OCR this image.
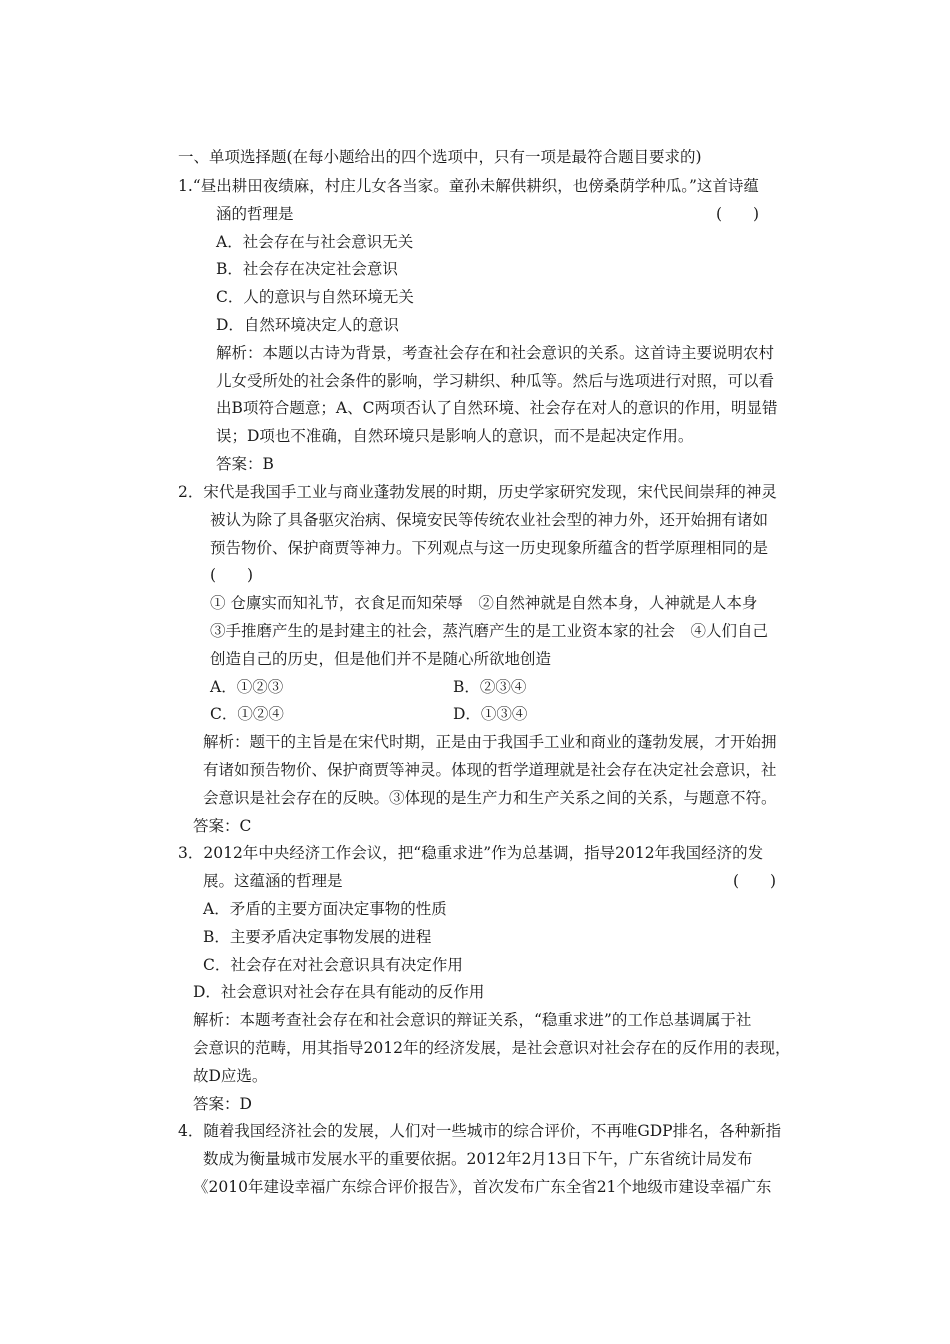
一、单项选择题(在每小题给出的四个选项中，只有一项是最符合题目要求的)
1.“昼出耕田夜绩麻，村庄儿女各当家。童孙未解供耕织，也傍桑荫学种瓜。”这首诗蕴
涵的哲理是	(　　)
A．社会存在与社会意识无关
B．社会存在决定社会意识
C．人的意识与自然环境无关
D．自然环境决定人的意识
解析：本题以古诗为背景，考查社会存在和社会意识的关系。这首诗主要说明农村
儿女受所处的社会条件的影响，学习耕织、种瓜等。然后与选项进行对照，可以看
出B项符合题意；A、C两项否认了自然环境、社会存在对人的意识的作用，明显错
误；D项也不准确，自然环境只是影响人的意识，而不是起决定作用。
答案：B
2．宋代是我国手工业与商业蓬勃发展的时期，历史学家研究发现，宋代民间崇拜的神灵
被认为除了具备驱灾治病、保境安民等传统农业社会型的神力外，还开始拥有诸如
预告物价、保护商贾等神力。下列观点与这一历史现象所蕴含的哲学原理相同的是
(　　)
① 仓廪实而知礼节，衣食足而知荣辱　②自然神就是自然本身，人神就是人本身
③手推磨产生的是封建主的社会，蒸汽磨产生的是工业资本家的社会　④人们自己
创造自己的历史，但是他们并不是随心所欲地创造
A．①②③	B．②③④
C．①②④	D．①③④
解析：题干的主旨是在宋代时期，正是由于我国手工业和商业的蓬勃发展，才开始拥
有诸如预告物价、保护商贾等神灵。体现的哲学道理就是社会存在决定社会意识，社
会意识是社会存在的反映。③体现的是生产力和生产关系之间的关系，与题意不符。
答案：C
3．2012年中央经济工作会议，把“稳重求进”作为总基调，指导2012年我国经济的发
展。这蕴涵的哲理是	(　　)
A．矛盾的主要方面决定事物的性质
B．主要矛盾决定事物发展的进程
C．社会存在对社会意识具有决定作用
D．社会意识对社会存在具有能动的反作用
解析：本题考查社会存在和社会意识的辩证关系，“稳重求进”的工作总基调属于社
会意识的范畴，用其指导2012年的经济发展，是社会意识对社会存在的反作用的表现，
故D应选。
答案：D
4．随着我国经济社会的发展，人们对一些城市的综合评价，不再唯GDP排名，各种新指
数成为衡量城市发展水平的重要依据。2012年2月13日下午，广东省统计局发布
《2010年建设幸福广东综合评价报告》，首次发布广东全省21个地级市建设幸福广东
